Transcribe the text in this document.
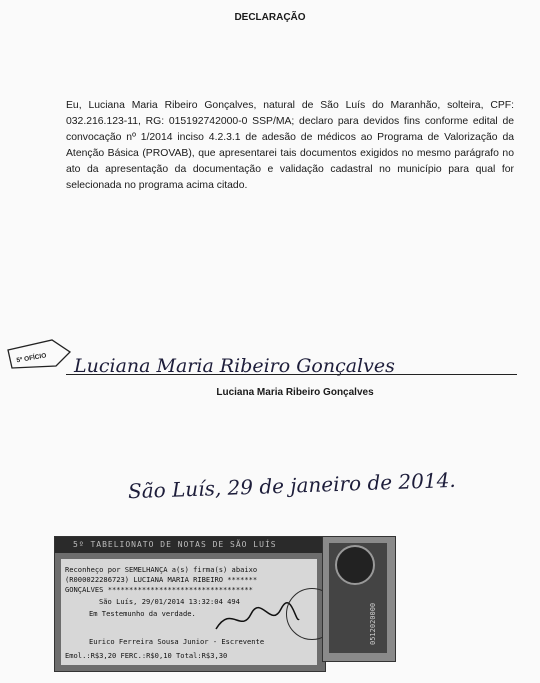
DECLARAÇÃO
Eu, Luciana Maria Ribeiro Gonçalves, natural de São Luís do Maranhão, solteira, CPF: 032.216.123-11, RG: 015192742000-0 SSP/MA; declaro para devidos fins conforme edital de convocação nº 1/2014 inciso 4.2.3.1 de adesão de médicos ao Programa de Valorização da Atenção Básica (PROVAB), que apresentarei tais documentos exigidos no mesmo parágrafo no ato da apresentação da documentação e validação cadastral no município para qual for selecionada no programa acima citado.
5º OFÍCIO Luciana Maria Ribeiro Gonçalves
Luciana Maria Ribeiro Gonçalves
São Luís, 29 de janeiro de 2014.
5º TABELIONATO DE NOTAS DE SÃO LUÍS
Reconheço por SEMELHANÇA a(s) firma(s) abaixo
(R000022286723) LUCIANA MARIA RIBEIRO *******
GONÇALVES **********************************
São Luís, 29/01/2014 13:32:04 494
Em Testemunho da verdade.
Eurico Ferreira Sousa Junior - Escrevente
Emol.:R$3,20 FERC.:R$0,10 Total:R$3,30
0512020000
